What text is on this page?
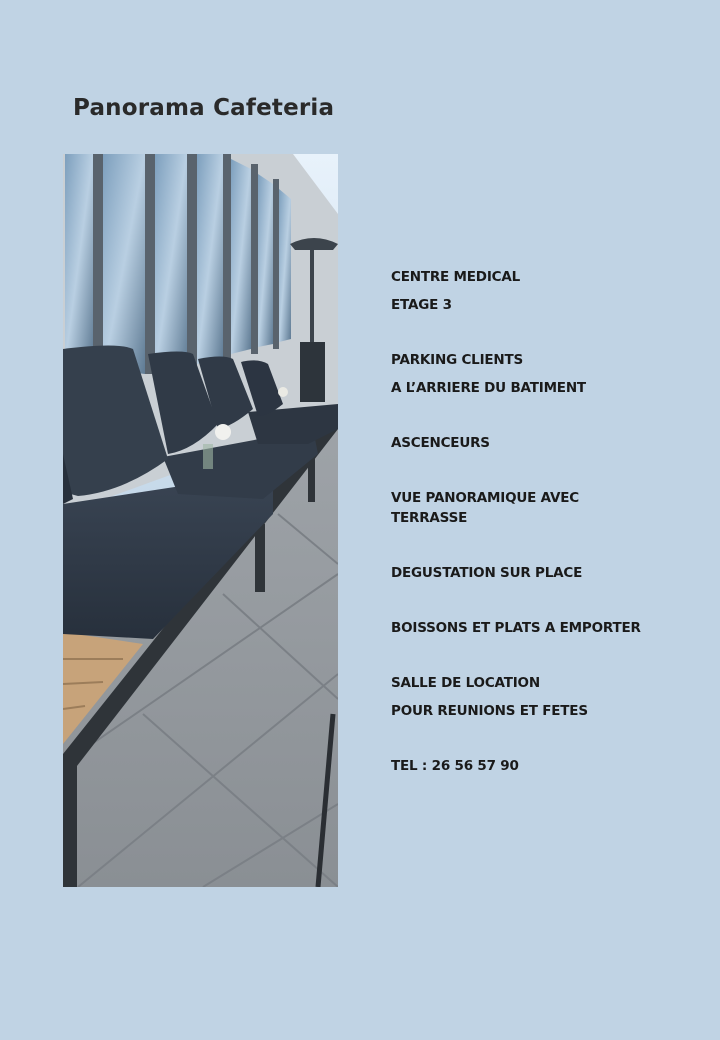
Panorama Cafeteria
CENTRE MEDICAL
ETAGE 3
PARKING CLIENTS
A L’ARRIERE DU BATIMENT
ASCENCEURS
VUE PANORAMIQUE AVEC
TERRASSE
DEGUSTATION SUR PLACE
BOISSONS ET PLATS A EMPORTER
SALLE DE LOCATION
POUR REUNIONS ET FETES
TEL : 26 56 57 90
